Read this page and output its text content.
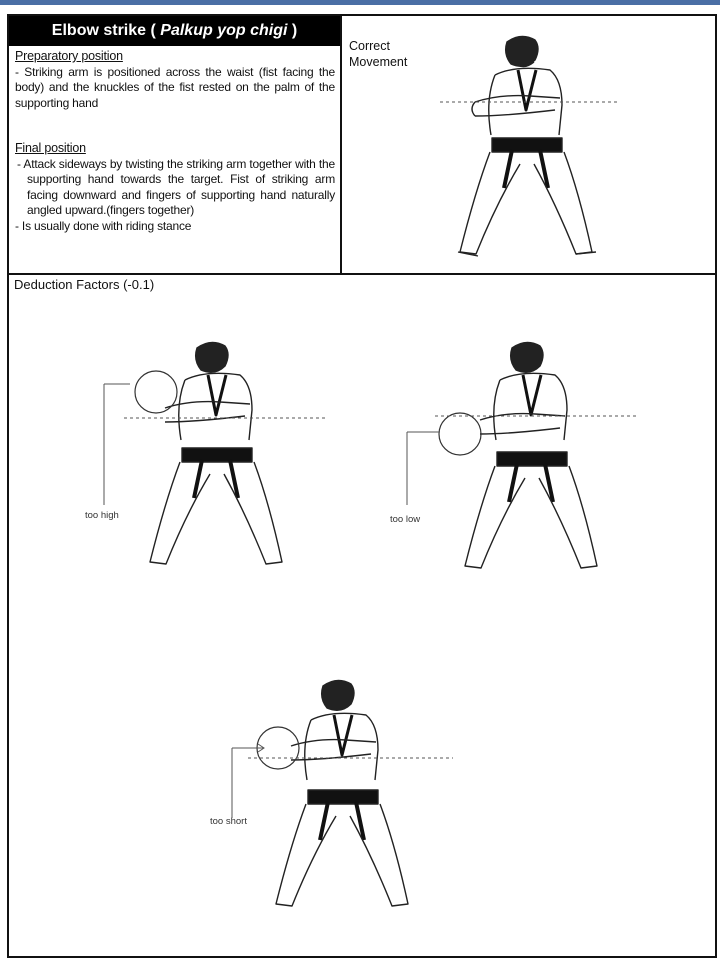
Elbow strike ( Palkup yop chigi )
Preparatory position
- Striking arm is positioned across the waist (fist facing the body) and the knuckles of the fist rested on the palm of the supporting hand
Final position
- Attack sideways by twisting the striking arm together with the supporting hand towards the target. Fist of striking arm facing downward and fingers of supporting hand naturally angled upward.(fingers together)
- Is usually done with riding stance
Correct
Movement
Deduction Factors (-0.1)
too high	too low
too short
